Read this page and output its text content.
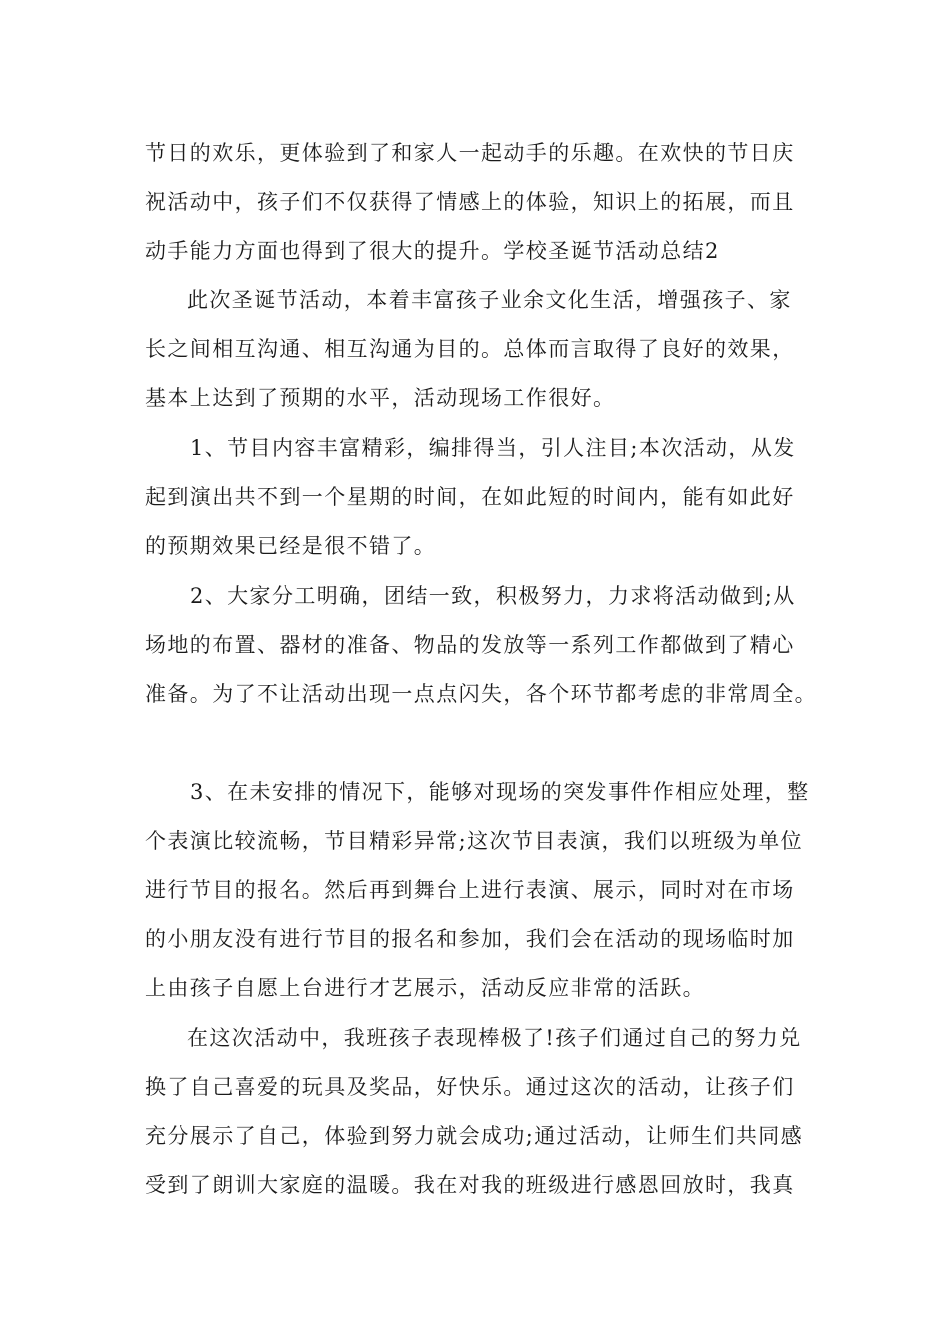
节日的欢乐，更体验到了和家人一起动手的乐趣。在欢快的节日庆

祝活动中，孩子们不仅获得了情感上的体验，知识上的拓展，而且

动手能力方面也得到了很大的提升。学校圣诞节活动总结2

此次圣诞节活动，本着丰富孩子业余文化生活，增强孩子、家

长之间相互沟通、相互沟通为目的。总体而言取得了良好的效果，

基本上达到了预期的水平，活动现场工作很好。

1、节目内容丰富精彩，编排得当，引人注目;本次活动，从发

起到演出共不到一个星期的时间，在如此短的时间内，能有如此好

的预期效果已经是很不错了。

2、大家分工明确，团结一致，积极努力，力求将活动做到;从

场地的布置、器材的准备、物品的发放等一系列工作都做到了精心

准备。为了不让活动出现一点点闪失，各个环节都考虑的非常周全。

3、在未安排的情况下，能够对现场的突发事件作相应处理，整

个表演比较流畅，节目精彩异常;这次节目表演，我们以班级为单位

进行节目的报名。然后再到舞台上进行表演、展示，同时对在市场

的小朋友没有进行节目的报名和参加，我们会在活动的现场临时加

上由孩子自愿上台进行才艺展示，活动反应非常的活跃。

在这次活动中，我班孩子表现棒极了!孩子们通过自己的努力兑

换了自己喜爱的玩具及奖品，好快乐。通过这次的活动，让孩子们

充分展示了自己，体验到努力就会成功;通过活动，让师生们共同感

受到了朗训大家庭的温暖。我在对我的班级进行感恩回放时，我真
